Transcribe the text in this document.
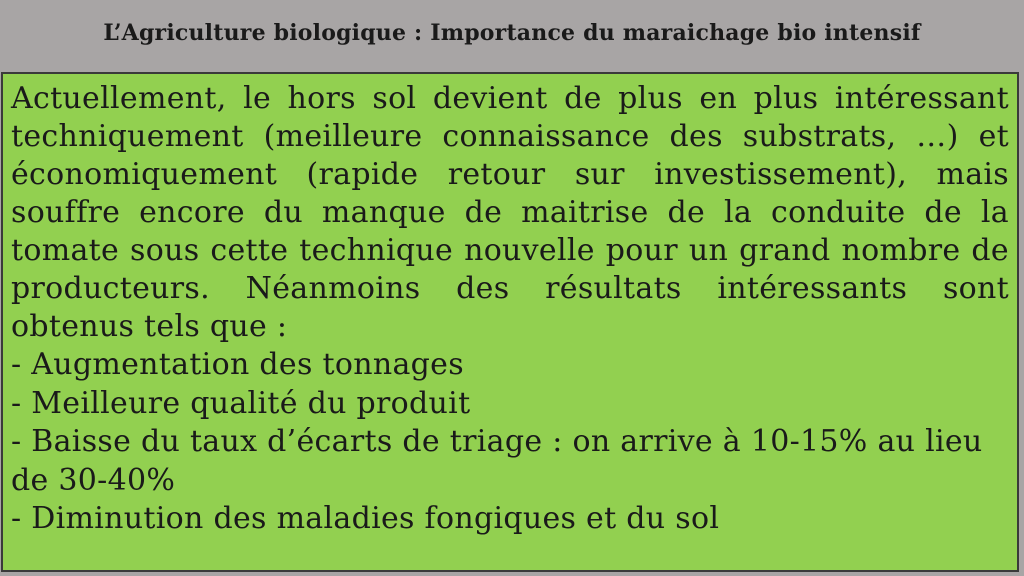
L’Agriculture biologique : Importance du maraichage bio intensif

Actuellement, le hors sol devient de plus en plus intéressant techniquement (meilleure connaissance des substrats, …) et économiquement (rapide retour sur investissement), mais souffre encore du manque de maitrise de la conduite de la tomate sous cette technique nouvelle pour un grand nombre de producteurs. Néanmoins des résultats intéressants sont obtenus tels que :

- Augmentation des tonnages
- Meilleure qualité du produit
- Baisse du taux d’écarts de triage : on arrive à 10-15% au lieu de 30-40%
- Diminution des maladies fongiques et du sol
